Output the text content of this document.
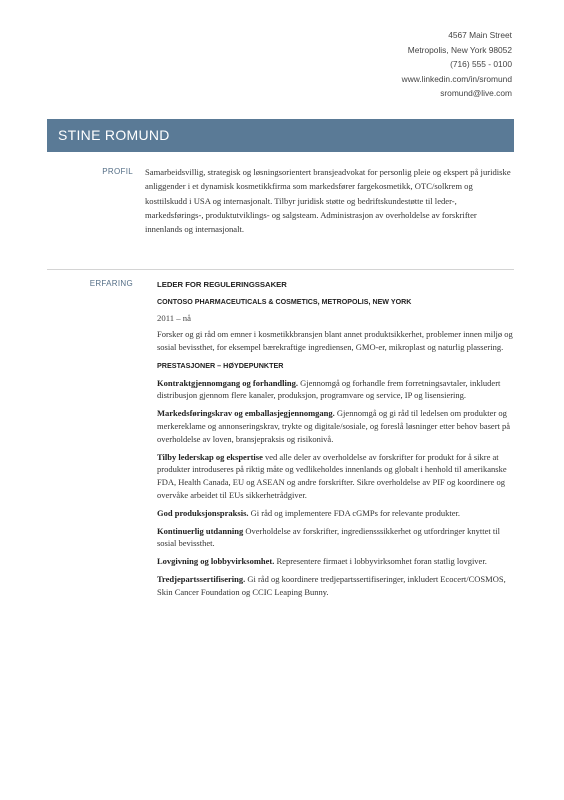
4567 Main Street
Metropolis, New York 98052
(716) 555 - 0100
www.linkedin.com/in/sromund
sromund@live.com
STINE ROMUND
PROFIL Samarbeidsvillig, strategisk og løsningsorientert bransjeadvokat for personlig pleie og ekspert på juridiske anliggender i et dynamisk kosmetikkfirma som markedsfører fargekosmetikk, OTC/solkrem og kosttilskudd i USA og internasjonalt. Tilbyr juridisk støtte og bedriftskundestøtte til leder-, markedsførings-, produktutviklings- og salgsteam. Administrasjon av overholdelse av forskrifter innenlands og internasjonalt.
ERFARING	LEDER FOR REGULERINGSSAKER
CONTOSO PHARMACEUTICALS & COSMETICS, METROPOLIS, NEW YORK
2011 – nå
Forsker og gi råd om emner i kosmetikkbransjen blant annet produktsikkerhet, problemer innen miljø og sosial bevissthet, for eksempel bærekraftige ingrediensen, GMO-er, mikroplast og naturlig plassering.
PRESTASJONER – HØYDEPUNKTER
Kontraktgjennomgang og forhandling. Gjennomgå og forhandle frem forretningsavtaler, inkludert distribusjon gjennom flere kanaler, produksjon, programvare og service, IP og lisensiering.
Markedsføringskrav og emballasjegjennomgang. Gjennomgå og gi råd til ledelsen om produkter og merkereklame og annonseringskrav, trykte og digitale/sosiale, og foreslå løsninger etter behov basert på overholdelse av loven, bransjepraksis og risikonivå.
Tilby lederskap og ekspertise ved alle deler av overholdelse av forskrifter for produkt for å sikre at produkter introduseres på riktig måte og vedlikeholdes innenlands og globalt i henhold til amerikanske FDA, Health Canada, EU og ASEAN og andre forskrifter. Sikre overholdelse av PIF og koordinere og overvåke arbeidet til EUs sikkerhetrådgiver.
God produksjonspraksis. Gi råd og implementere FDA cGMPs for relevante produkter.
Kontinuerlig utdanning Overholdelse av forskrifter, ingrediensssikkerhet og utfordringer knyttet til sosial bevissthet.
Lovgivning og lobbyvirksomhet. Representere firmaet i lobbyvirksomhet foran statlig lovgiver.
Tredjepartssertifisering. Gi råd og koordinere tredjepartssertifiseringer, inkludert Ecocert/COSMOS, Skin Cancer Foundation og CCIC Leaping Bunny.
